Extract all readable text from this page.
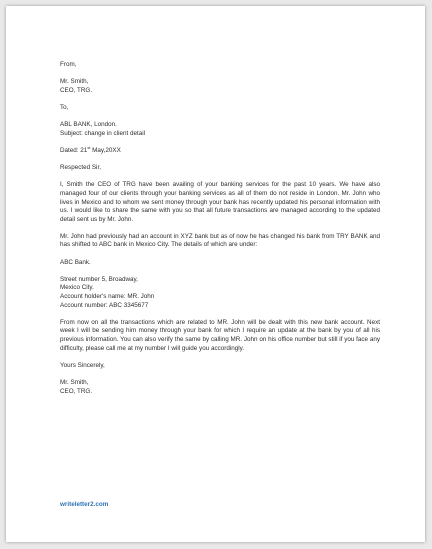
From,

Mr. Smith,
CEO, TRG.

To,

ABL BANK, London.
Subject: change in client detail

Dated: 21st May,20XX

Respected Sir,

I, Smith the CEO of TRG have been availing of your banking services for the past 10 years. We have also managed four of our clients through your banking services as all of them do not reside in London. Mr. John who lives in Mexico and to whom we sent money through your bank has recently updated his personal information with us. I would like to share the same with you so that all future transactions are managed according to the updated detail sent us by Mr. John.

Mr. John had previously had an account in XYZ bank but as of now he has changed his bank from TRY BANK and has shifted to ABC bank in Mexico City. The details of which are under:

ABC Bank.

Street number 5, Broadway,
Mexico City.
Account holder's name: MR. John
Account number: ABC 3345677

From now on all the transactions which are related to MR. John will be dealt with this new bank account. Next week I will be sending him money through your bank for which I require an update at the bank by you of all his previous information. You can also verify the same by calling MR. John on his office number but still if you face any difficulty, please call me at my number I will guide you accordingly.

Yours Sincerely,

Mr. Smith,
CEO, TRG.

writeletter2.com
